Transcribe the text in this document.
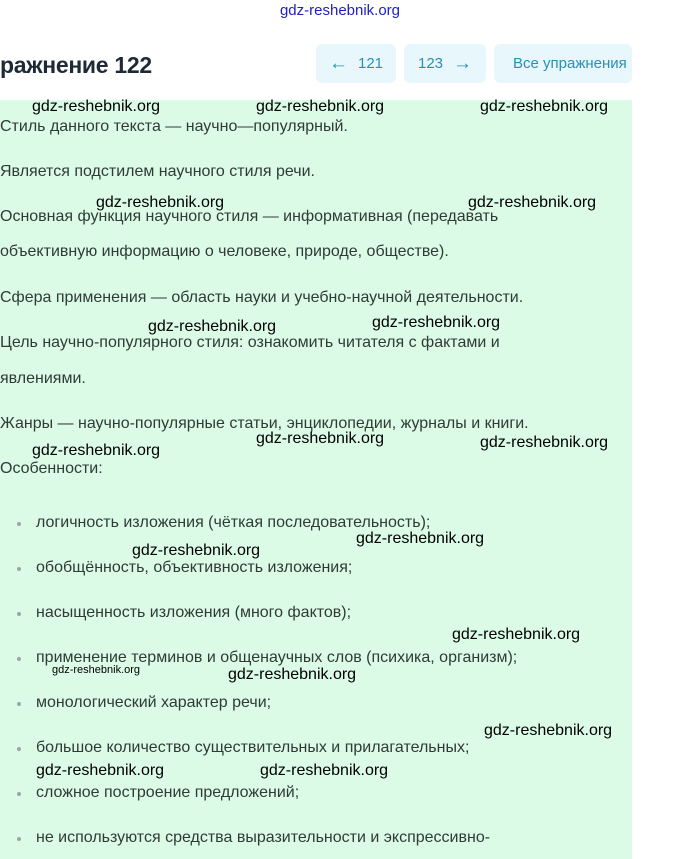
gdz-reshebnik.org
ражнение 122	← 121 123 →	Все упражнения
Стиль данного текста — научно—популярный.
Является подстилем научного стиля речи.
Основная функция научного стиля — информативная (передавать
объективную информацию о человеке, природе, обществе).
Сфера применения — область науки и учебно-научной деятельности.
Цель научно-популярного стиля: ознакомить читателя с фактами и
явлениями.
Жанры — научно-популярные статьи, энциклопедии, журналы и книги.
Особенности:
логичность изложения (чёткая последовательность);
обобщённость, объективность изложения;
насыщенность изложения (много фактов);
применение терминов и общенаучных слов (психика, организм);
монологический характер речи;
большое количество существительных и прилагательных;
сложное построение предложений;
не используются средства выразительности и экспрессивно-
gdz-reshebnik.org	gdz-reshebnik.org	gdz-reshebnik.org
gdz-reshebnik.org	gdz-reshebnik.org
gdz-reshebnik.org	gdz-reshebnik.org
gdz-reshebnik.org
gdz-reshebnik.org	gdz-reshebnik.org
gdz-reshebnik.org
gdz-reshebnik.org
gdz-reshebnik.org
gdz-reshebnik.org	gdz-reshebnik.org
gdz-reshebnik.org
gdz-reshebnik.org	gdz-reshebnik.org
